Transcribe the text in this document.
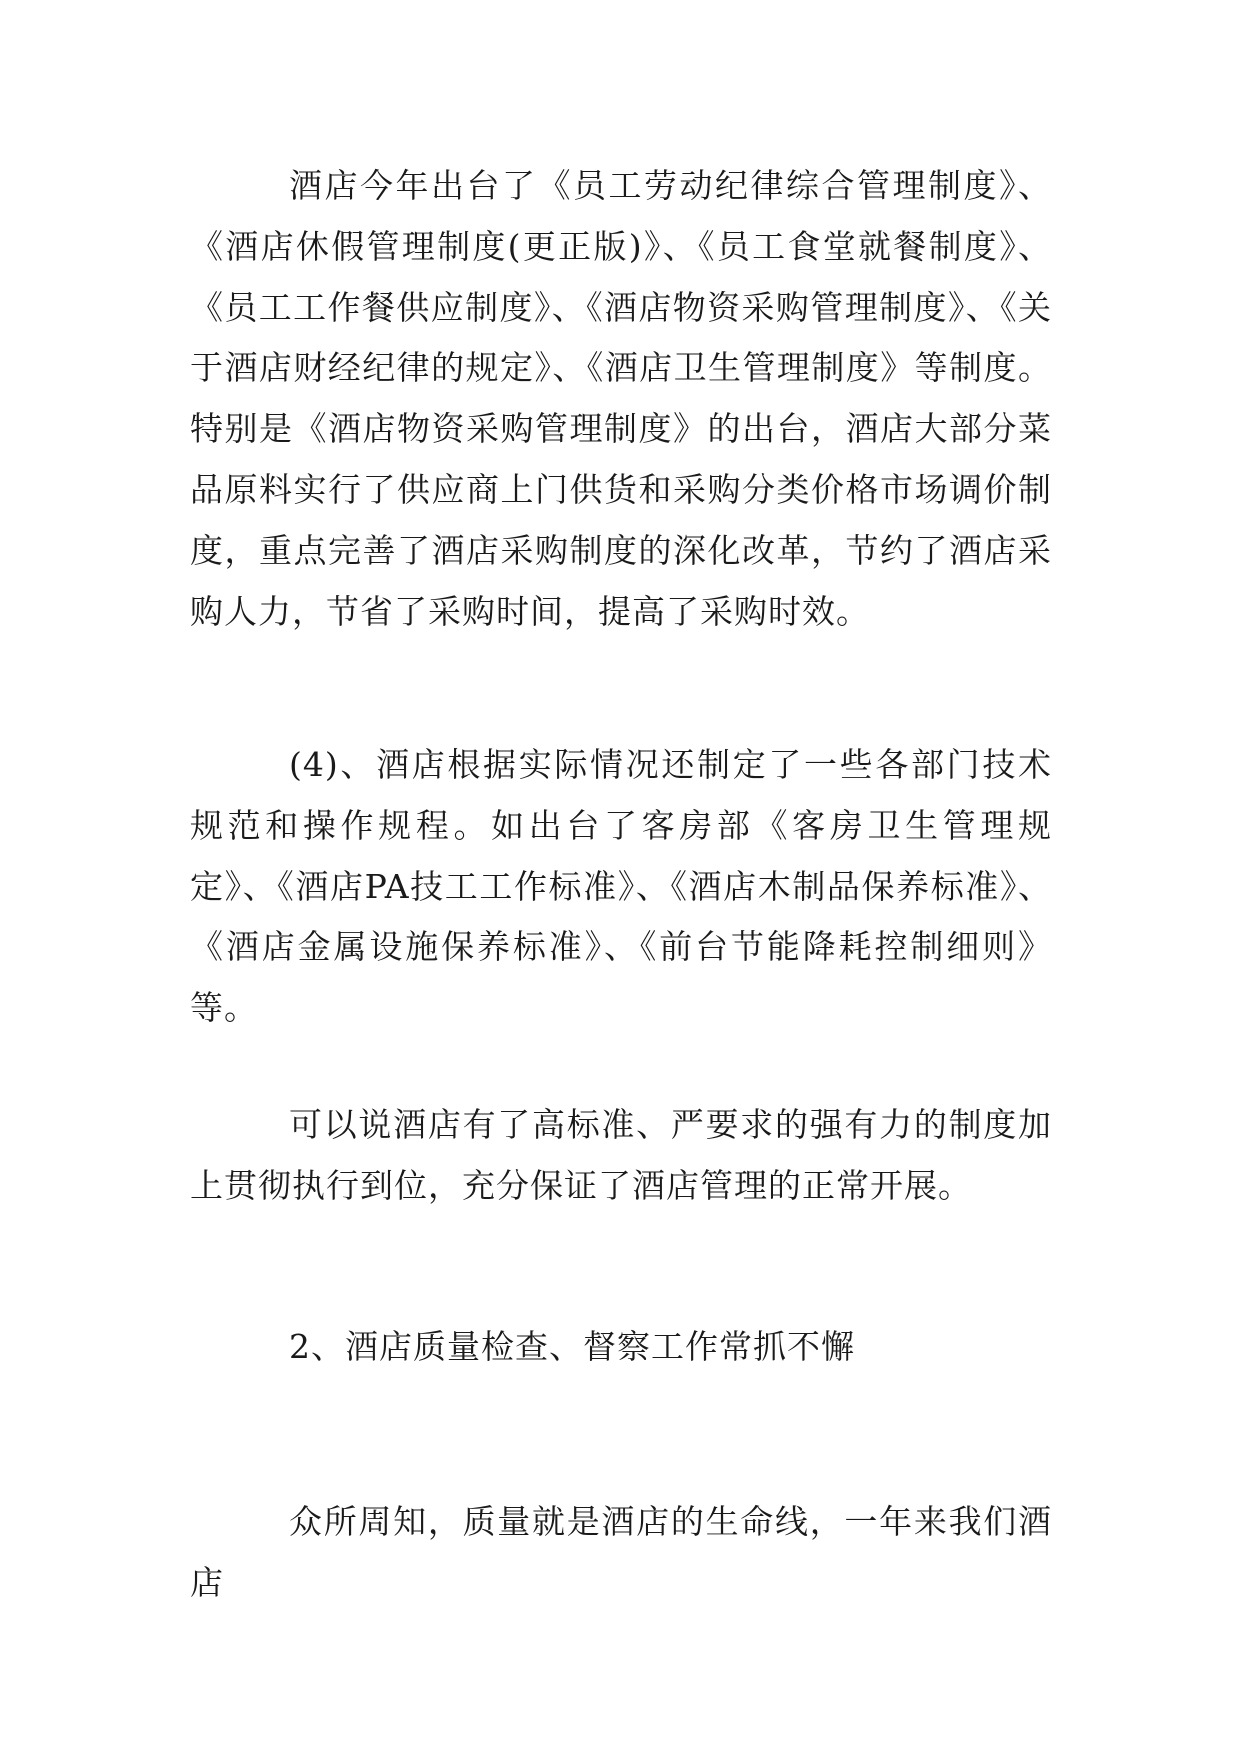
酒店今年出台了《员工劳动纪律综合管理制度》、《酒店休假管理制度(更正版)》、《员工食堂就餐制度》、《员工工作餐供应制度》、《酒店物资采购管理制度》、《关于酒店财经纪律的规定》、《酒店卫生管理制度》等制度。特别是《酒店物资采购管理制度》的出台，酒店大部分菜品原料实行了供应商上门供货和采购分类价格市场调价制度，重点完善了酒店采购制度的深化改革，节约了酒店采购人力，节省了采购时间，提高了采购时效。

(4)、酒店根据实际情况还制定了一些各部门技术规范和操作规程。如出台了客房部《客房卫生管理规定》、《酒店PA技工工作标准》、《酒店木制品保养标准》、《酒店金属设施保养标准》、《前台节能降耗控制细则》等。

可以说酒店有了高标准、严要求的强有力的制度加上贯彻执行到位，充分保证了酒店管理的正常开展。

2、酒店质量检查、督察工作常抓不懈

众所周知，质量就是酒店的生命线，一年来我们酒店
